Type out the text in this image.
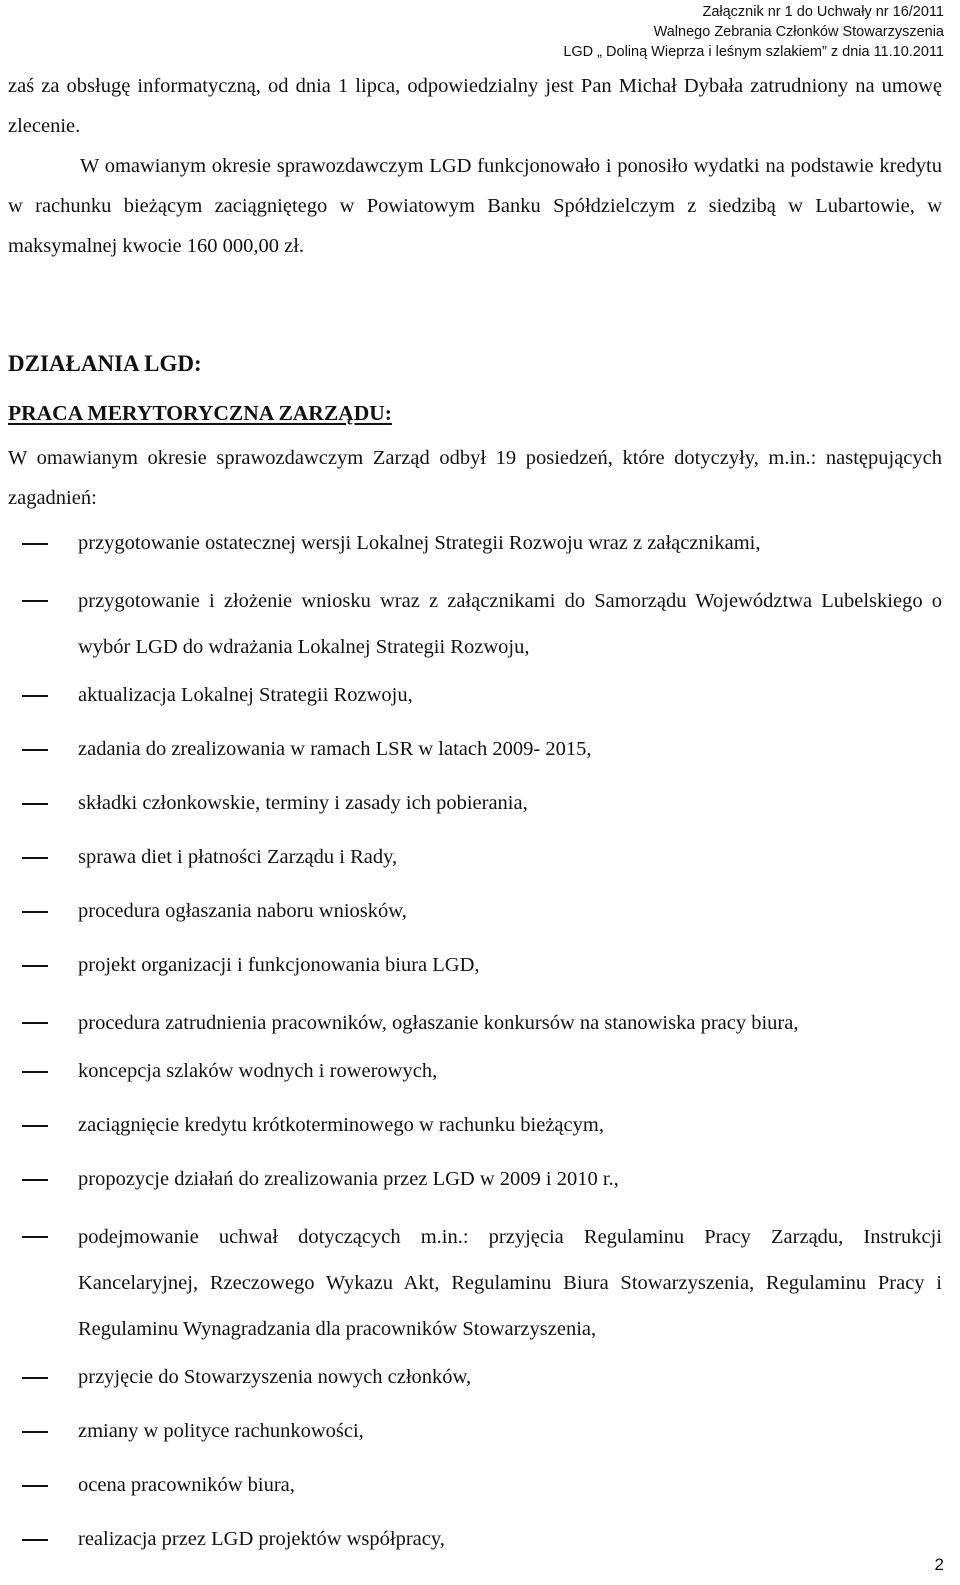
Załącznik nr 1 do Uchwały nr 16/2011
Walnego Zebrania Członków Stowarzyszenia
LGD „ Doliną Wieprza i leśnym szlakiem” z dnia 11.10.2011

zaś za obsługę informatyczną, od dnia 1 lipca, odpowiedzialny jest Pan Michał Dybała zatrudniony na umowę zlecenie.

W omawianym okresie sprawozdawczym LGD funkcjonowało i ponosiło wydatki na podstawie kredytu w rachunku bieżącym zaciągniętego w Powiatowym Banku Spółdzielczym z siedzibą w Lubartowie, w maksymalnej kwocie 160 000,00 zł.

DZIAŁANIA LGD:
PRACA MERYTORYCZNA ZARZĄDU:

W omawianym okresie sprawozdawczym Zarząd odbył 19 posiedzeń, które dotyczyły, m.in.: następujących zagadnień:

przygotowanie ostatecznej wersji Lokalnej Strategii Rozwoju wraz z załącznikami,
przygotowanie i złożenie wniosku wraz z załącznikami do Samorządu Województwa Lubelskiego o wybór LGD do wdrażania Lokalnej Strategii Rozwoju,
aktualizacja Lokalnej Strategii Rozwoju,
zadania do zrealizowania w ramach LSR w latach 2009- 2015,
składki członkowskie, terminy i zasady ich pobierania,
sprawa diet i płatności Zarządu i Rady,
procedura ogłaszania naboru wniosków,
projekt organizacji i funkcjonowania biura LGD,
procedura zatrudnienia pracowników, ogłaszanie konkursów na stanowiska pracy biura,
koncepcja szlaków wodnych i rowerowych,
zaciągnięcie kredytu krótkoterminowego w rachunku bieżącym,
propozycje działań do zrealizowania przez LGD w 2009 i 2010 r.,
podejmowanie uchwał dotyczących m.in.: przyjęcia Regulaminu Pracy Zarządu, Instrukcji Kancelaryjnej, Rzeczowego Wykazu Akt, Regulaminu Biura Stowarzyszenia, Regulaminu Pracy i Regulaminu Wynagradzania dla pracowników Stowarzyszenia,
przyjęcie do Stowarzyszenia nowych członków,
zmiany w polityce rachunkowości,
ocena pracowników biura,
realizacja przez LGD projektów współpracy,
2
